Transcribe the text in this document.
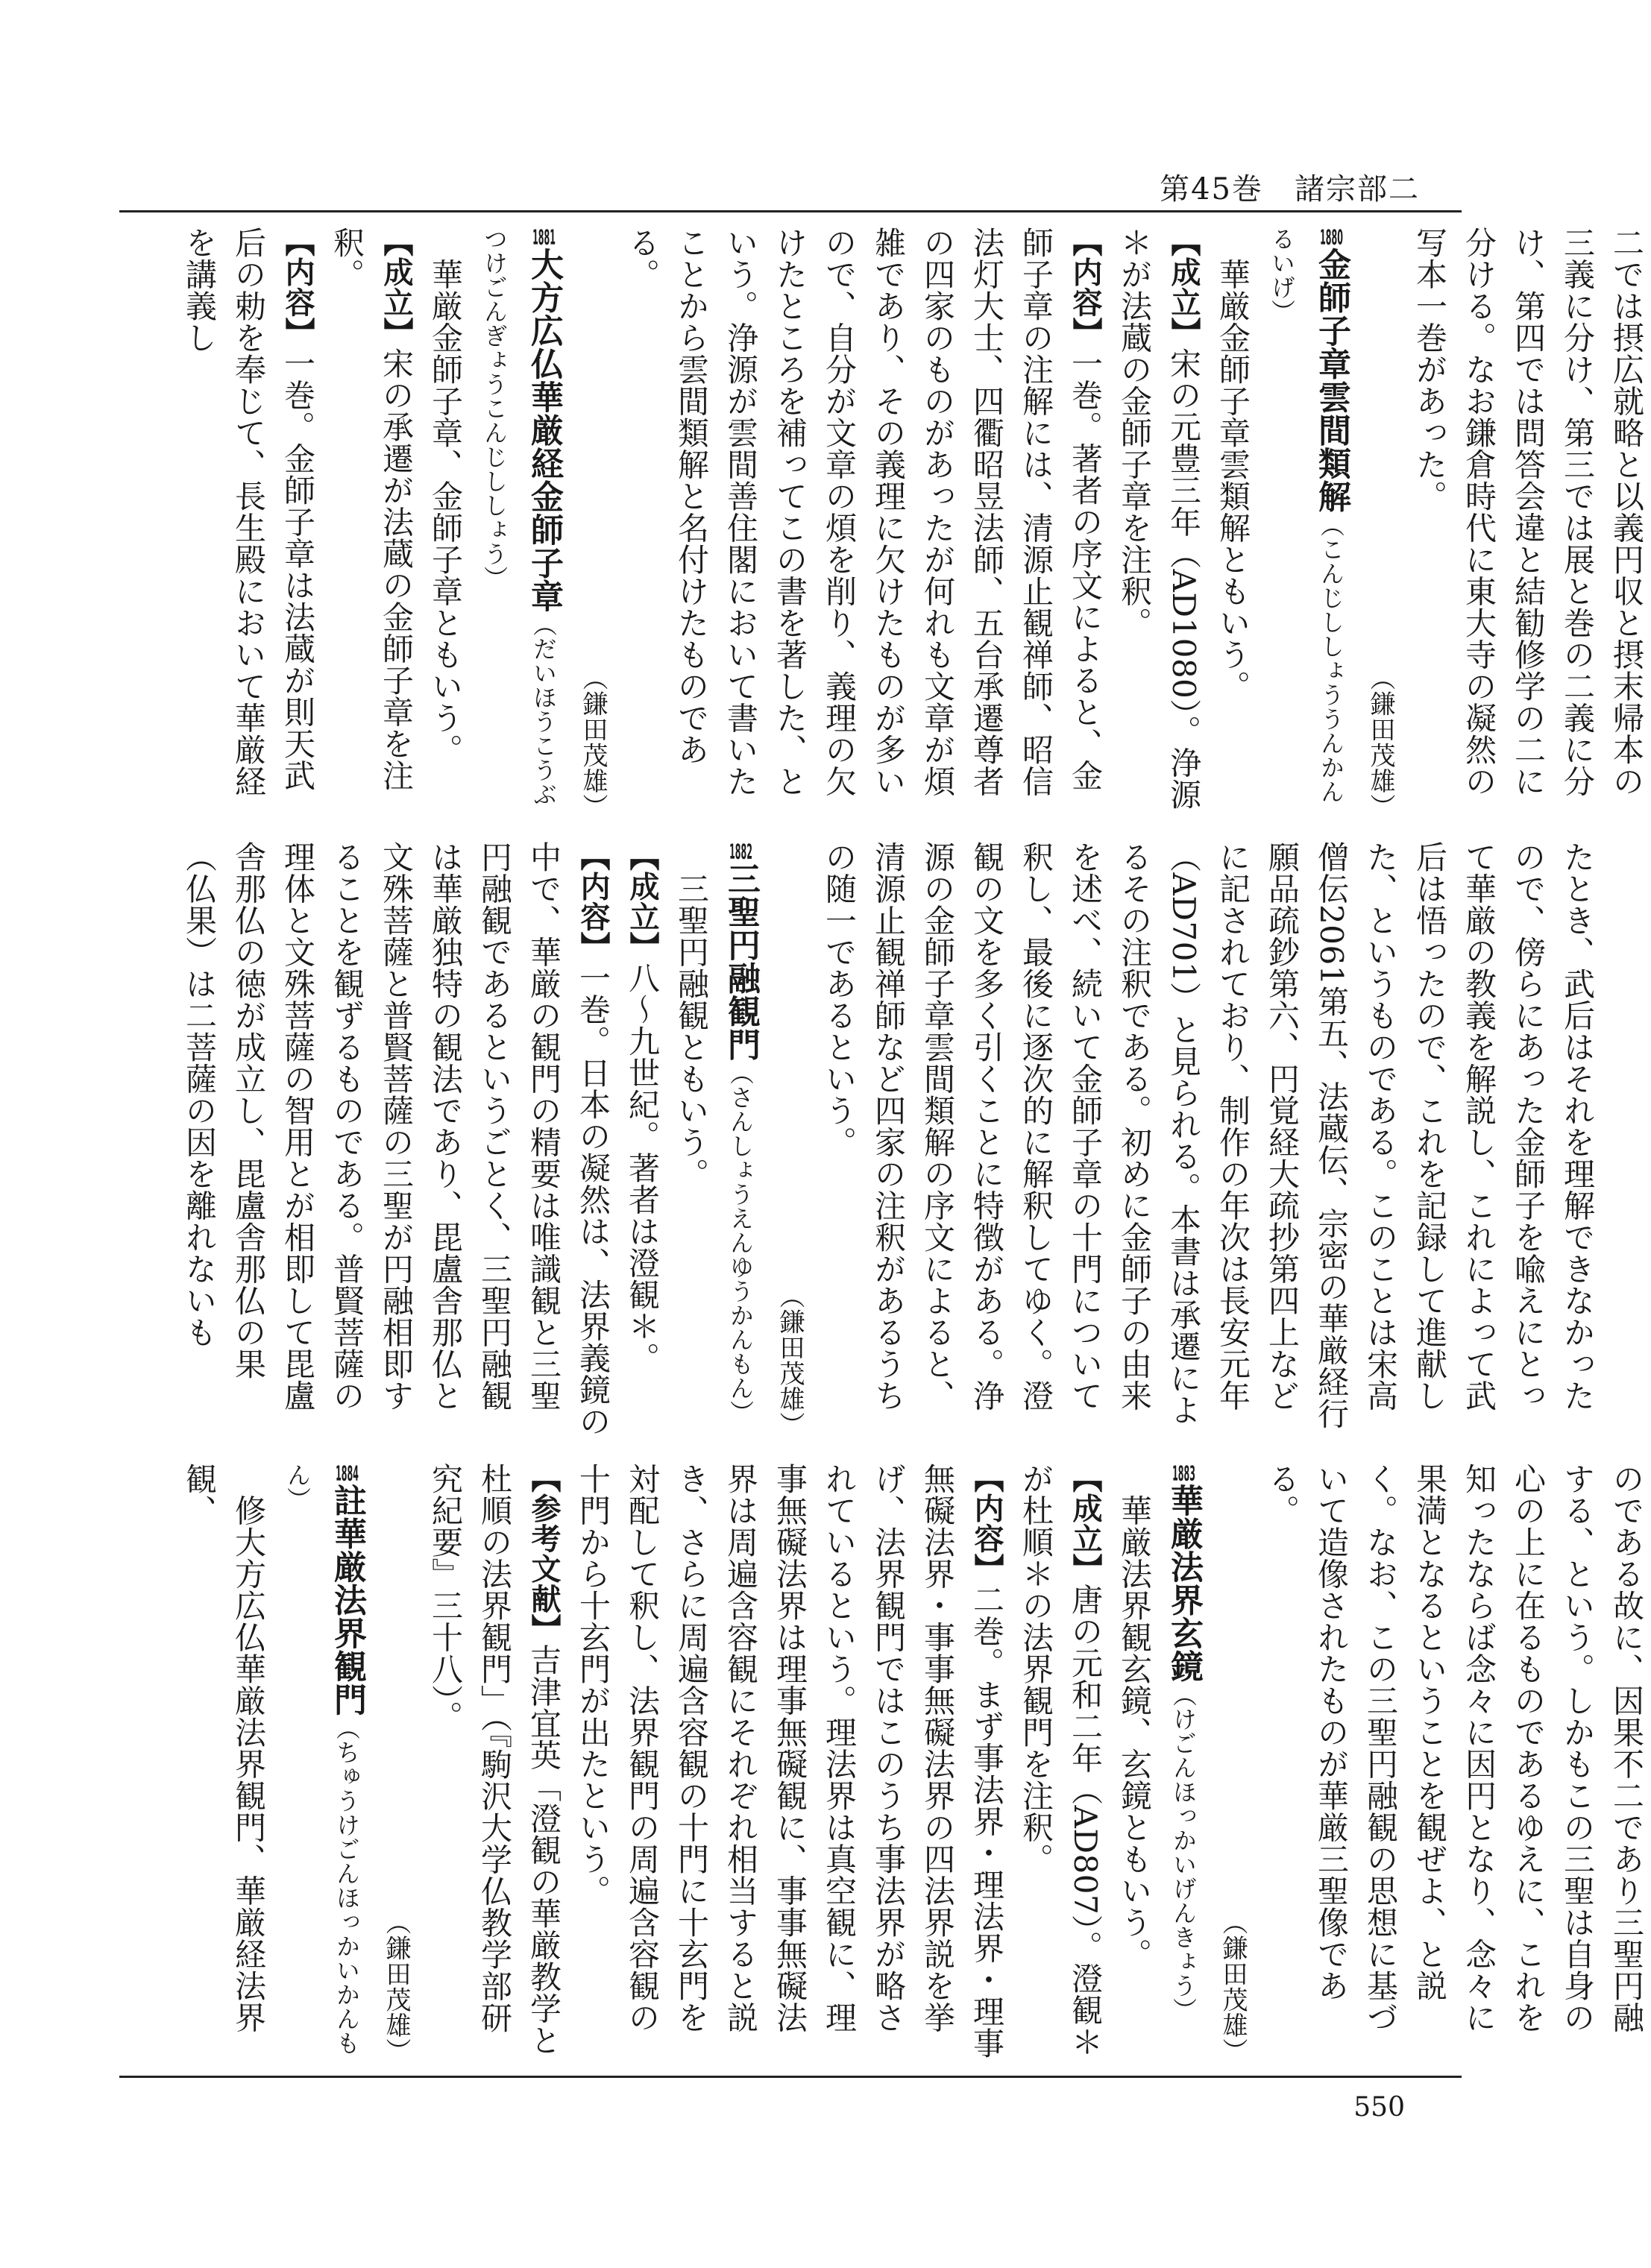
第45巻　諸宗部二

二では摂広就略と以義円収と摂末帰本の三義に分け、第三では展と巻の二義に分け、第四では問答会違と結勧修学の二に分ける。なお鎌倉時代に東大寺の凝然の写本一巻があった。

（鎌田茂雄）

1880金師子章雲間類解（こんじししょううんかんるいげ）

　華厳金師子章雲類解ともいう。

【成立】宋の元豊三年（AD1080）。浄源＊が法蔵の金師子章を注釈。

【内容】一巻。著者の序文によると、金師子章の注解には、清源止観禅師、昭信法灯大士、四衢昭昱法師、五台承遷尊者の四家のものがあったが何れも文章が煩雑であり、その義理に欠けたものが多いので、自分が文章の煩を削り、義理の欠けたところを補ってこの書を著した、という。浄源が雲間善住閣において書いたことから雲間類解と名付けたものである。

（鎌田茂雄）

1881大方広仏華厳経金師子章（だいほうこうぶつけごんぎょうこんじししょう）

　華厳金師子章、金師子章ともいう。

【成立】宋の承遷が法蔵の金師子章を注釈。

【内容】一巻。金師子章は法蔵が則天武后の勅を奉じて、長生殿において華厳経を講義し

たとき、武后はそれを理解できなかったので、傍らにあった金師子を喩えにとって華厳の教義を解説し、これによって武后は悟ったので、これを記録して進献した、というものである。このことは宋高僧伝2061第五、法蔵伝、宗密の華厳経行願品疏鈔第六、円覚経大疏抄第四上などに記されており、制作の年次は長安元年（AD701）と見られる。本書は承遷によるその注釈である。初めに金師子の由来を述べ、続いて金師子章の十門について釈し、最後に逐次的に解釈してゆく。澄観の文を多く引くことに特徴がある。浄源の金師子章雲間類解の序文によると、清源止観禅師など四家の注釈があるうちの随一であるという。

（鎌田茂雄）

1882三聖円融観門（さんしょうえんゆうかんもん）

　三聖円融観ともいう。

【成立】八～九世紀。著者は澄観＊。

【内容】一巻。日本の凝然は、法界義鏡の中で、華厳の観門の精要は唯識観と三聖円融観であるというごとく、三聖円融観は華厳独特の観法であり、毘盧舎那仏と文殊菩薩と普賢菩薩の三聖が円融相即することを観ずるものである。普賢菩薩の理体と文殊菩薩の智用とが相即して毘盧舎那仏の徳が成立し、毘盧舎那仏の果（仏果）は二菩薩の因を離れないも

のである故に、因果不二であり三聖円融する、という。しかもこの三聖は自身の心の上に在るものであるゆえに、これを知ったならば念々に因円となり、念々に果満となるということを観ぜよ、と説く。なお、この三聖円融観の思想に基づいて造像されたものが華厳三聖像である。

（鎌田茂雄）

1883華厳法界玄鏡（けごんほっかいげんきょう）

　華厳法界観玄鏡、玄鏡ともいう。

【成立】唐の元和二年（AD807）。澄観＊が杜順＊の法界観門を注釈。

【内容】二巻。まず事法界・理法界・理事無礙法界・事事無礙法界の四法界説を挙げ、法界観門ではこのうち事法界が略されているという。理法界は真空観に、理事無礙法界は理事無礙観に、事事無礙法界は周遍含容観にそれぞれ相当すると説き、さらに周遍含容観の十門に十玄門を対配して釈し、法界観門の周遍含容観の十門から十玄門が出たという。

【参考文献】吉津宜英「澄観の華厳教学と杜順の法界観門」（『駒沢大学仏教学部研究紀要』三十八）。

（鎌田茂雄）

1884註華厳法界観門（ちゅうけごんほっかいかんもん）

　修大方広仏華厳法界観門、華厳経法界観、

550
